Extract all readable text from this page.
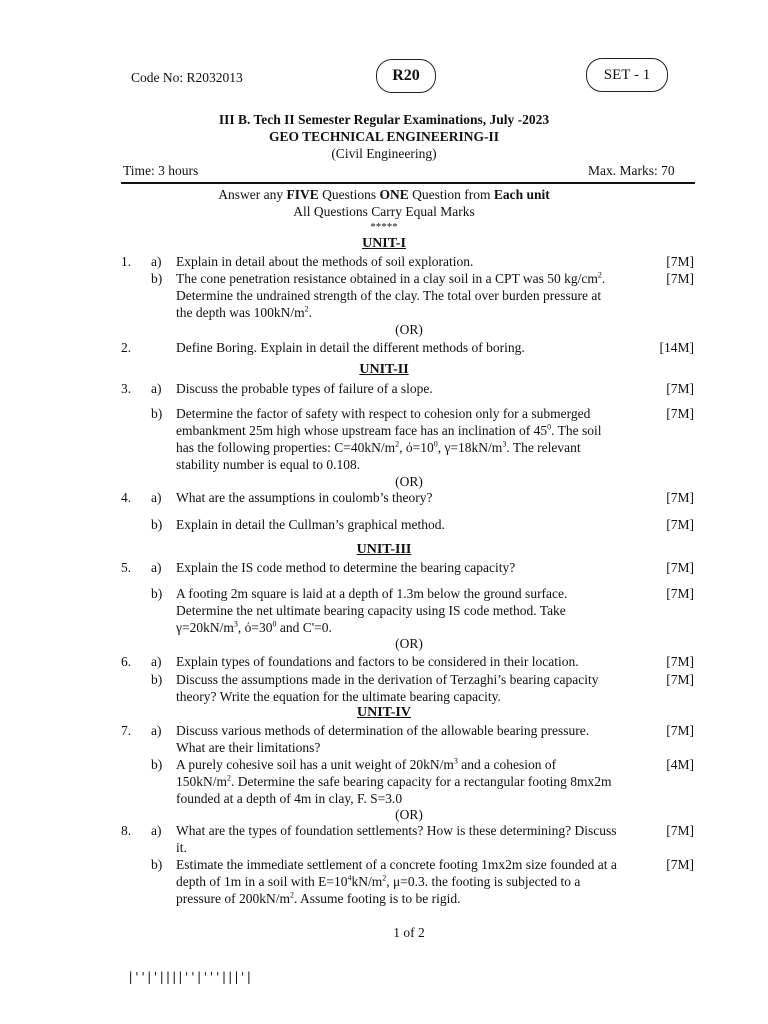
Code No: R2032013	R20	SET - 1
III B. Tech II Semester Regular Examinations, July -2023
GEO TECHNICAL ENGINEERING-II
(Civil Engineering)
Time: 3 hours	Max. Marks: 70
Answer any FIVE Questions ONE Question from Each unit
All Questions Carry Equal Marks
*****
UNIT-I
1.	a)	Explain in detail about the methods of soil exploration.	[7M]
b)	The cone penetration resistance obtained in a clay soil in a CPT was 50 $kg/cm^2$.
Determine the undrained strength of the clay. The total over burden pressure at
the depth was $100kN/m^2$.
[7M]
(OR)
2.	Define Boring. Explain in detail the different methods of boring.	[14M]
UNIT-II
3.	a)	Discuss the probable types of failure of a slope.	[7M]
b)	Determine the factor of safety with respect to cohesion only for a submerged
embankment 25m high whose upstream face has an inclination of $45^0$. The soil
has the following properties: $C=40kN/m^2$, $ό=10^0$, $\gamma=18kN/m^3$. The relevant
stability number is equal to 0.108.
[7M]
(OR)
4.	a)	What are the assumptions in coulomb’s theory?	[7M]
b)	Explain in detail the Cullman’s graphical method.	[7M]
UNIT-III
5.	a)	Explain the IS code method to determine the bearing capacity?	[7M]
b)	A footing 2m square is laid at a depth of 1.3m below the ground surface.
Determine the net ultimate bearing capacity using IS code method. Take
$\gamma=20kN/m^3$, $ό=30^0$ and C'=0.
[7M]
(OR)
6.	a)	Explain types of foundations and factors to be considered in their location.	[7M]
b)	Discuss the assumptions made in the derivation of Terzaghi’s bearing capacity
theory? Write the equation for the ultimate bearing capacity.
[7M]
UNIT-IV
7.	a)	Discuss various methods of determination of the allowable bearing pressure.
What are their limitations?
[7M]
b)	A purely cohesive soil has a unit weight of $20kN/m^3$ and a cohesion of
$150kN/m^2$. Determine the safe bearing capacity for a rectangular footing 8mx2m
founded at a depth of 4m in clay, F. S=3.0
[4M]
(OR)
8.	a)	What are the types of foundation settlements? How is these determining? Discuss
it.
[7M]
b)	Estimate the immediate settlement of a concrete footing 1mx2m size founded at a
depth of 1m in a soil with $E=10^4kN/m^2$, μ=0.3. the footing is subjected to a
pressure of $200kN/m^2$. Assume footing is to be rigid.
[7M]
1 of 2
|''|'||||''|'''|||'|
